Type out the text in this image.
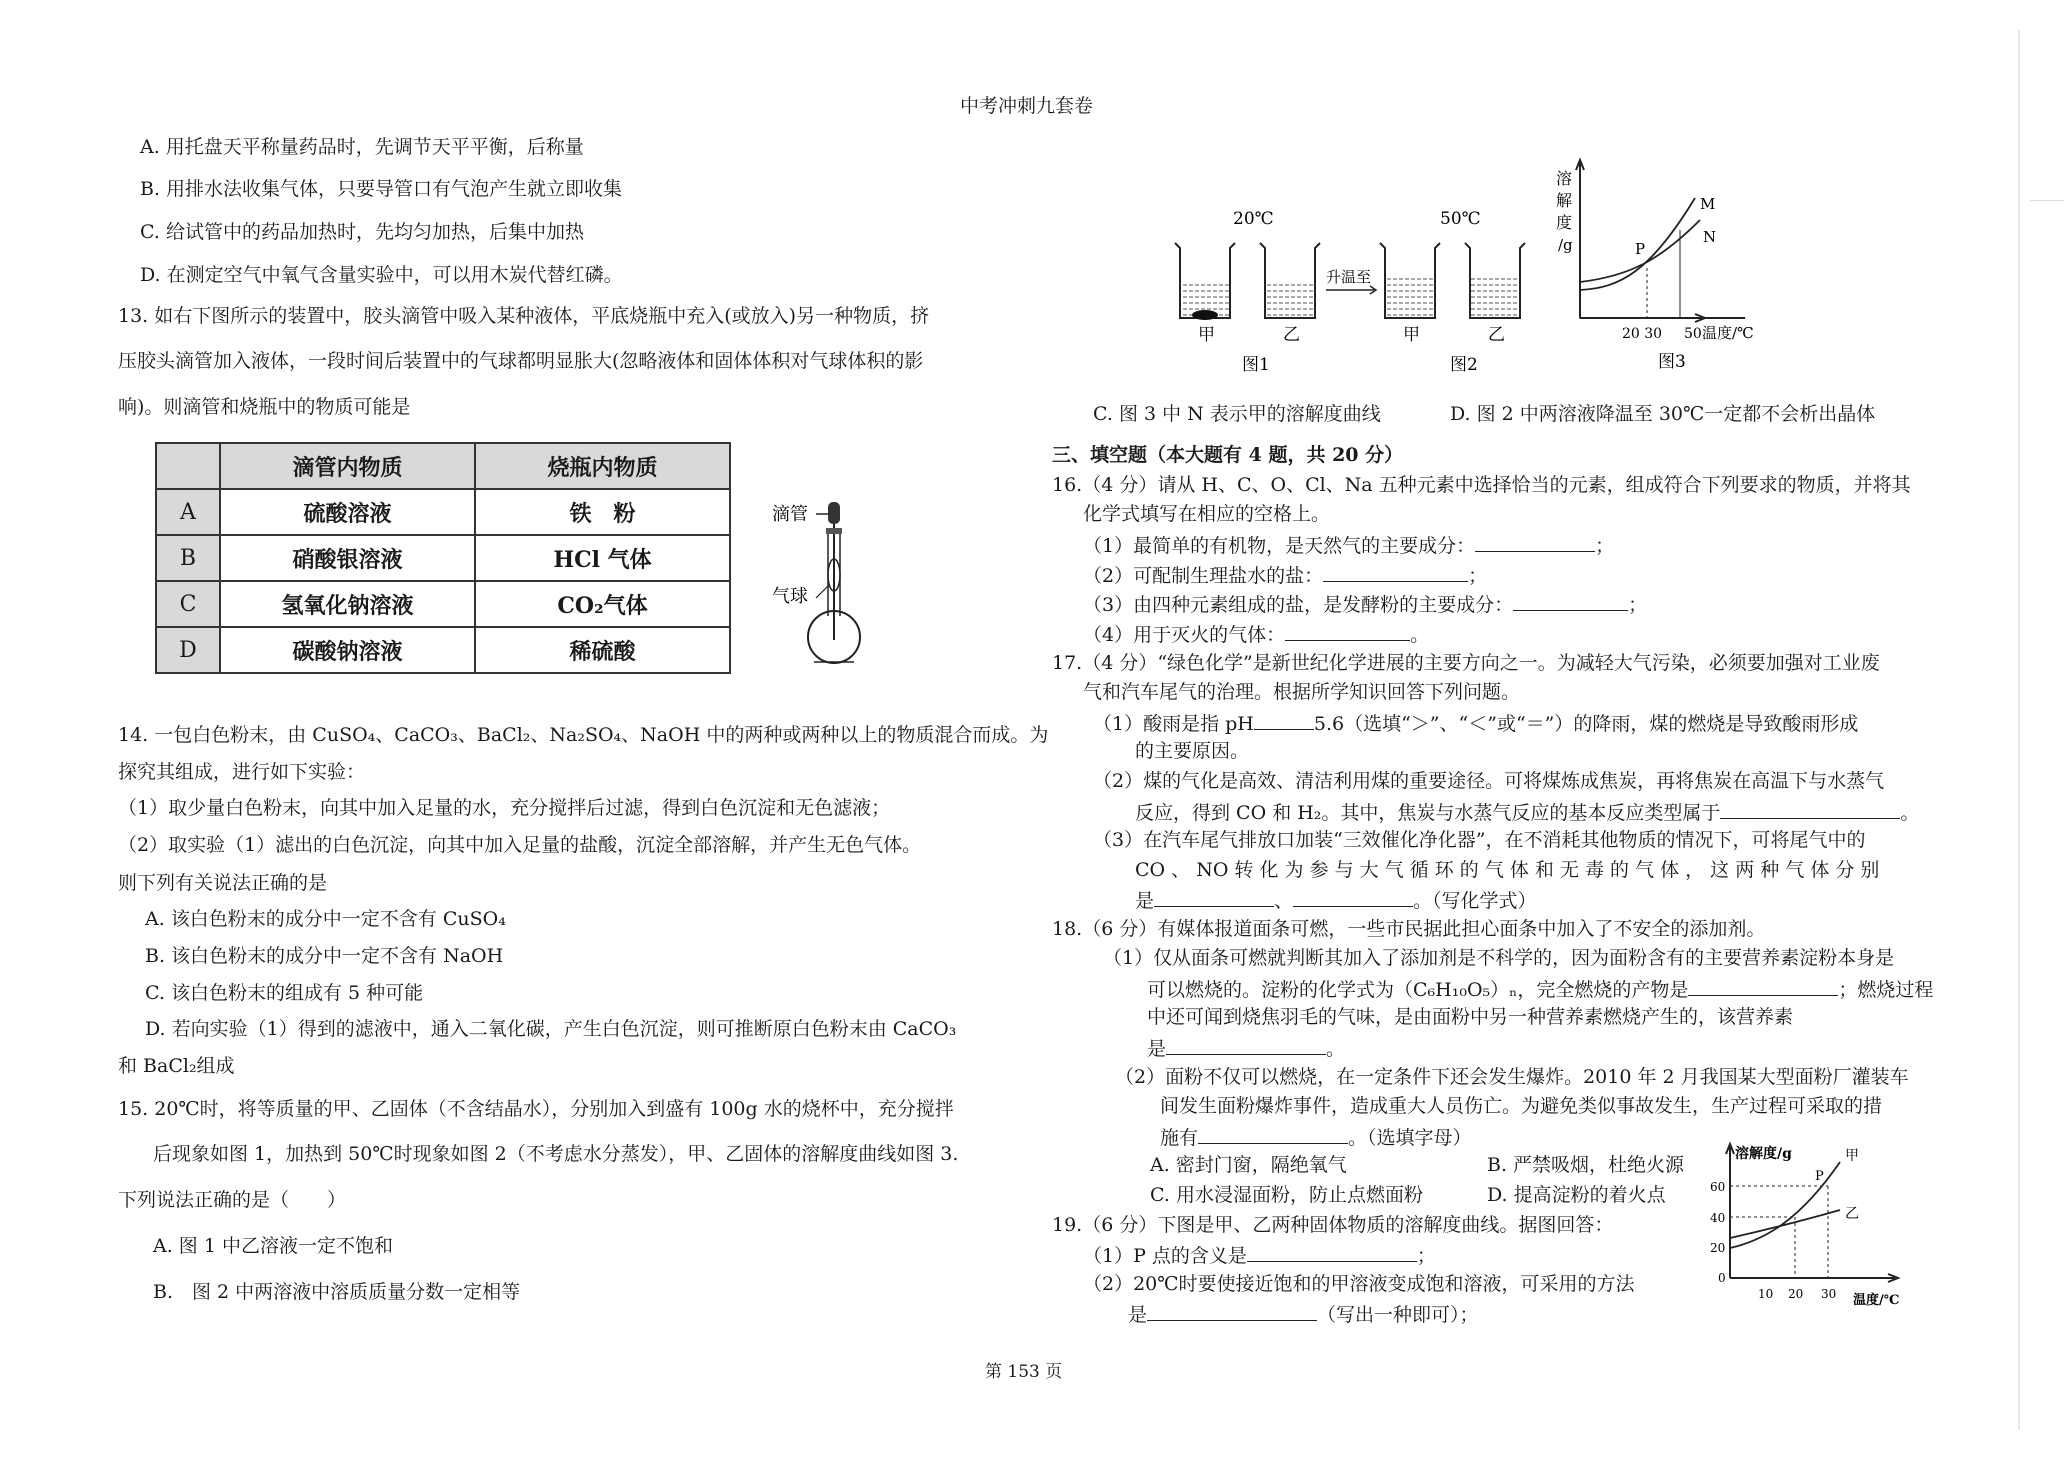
中考冲刺九套卷
A. 用托盘天平称量药品时，先调节天平平衡，后称量
B. 用排水法收集气体，只要导管口有气泡产生就立即收集
C. 给试管中的药品加热时，先均匀加热，后集中加热
D. 在测定空气中氧气含量实验中，可以用木炭代替红磷。
13. 如右下图所示的装置中，胶头滴管中吸入某种液体，平底烧瓶中充入(或放入)另一种物质，挤
压胶头滴管加入液体，一段时间后装置中的气球都明显胀大(忽略液体和固体体积对气球体积的影
响)。则滴管和烧瓶中的物质可能是
	滴管内物质	烧瓶内物质
A	硫酸溶液	铁　粉
B	硝酸银溶液	HCl 气体
C	氢氧化钠溶液	CO₂气体
D	碳酸钠溶液	稀硫酸
滴管
气球
14. 一包白色粉末，由 CuSO₄、CaCO₃、BaCl₂、Na₂SO₄、NaOH 中的两种或两种以上的物质混合而成。为
探究其组成，进行如下实验：
（1）取少量白色粉末，向其中加入足量的水，充分搅拌后过滤，得到白色沉淀和无色滤液；
（2）取实验（1）滤出的白色沉淀，向其中加入足量的盐酸，沉淀全部溶解，并产生无色气体。
则下列有关说法正确的是
A. 该白色粉末的成分中一定不含有 CuSO₄
B. 该白色粉末的成分中一定不含有 NaOH
C. 该白色粉末的组成有 5 种可能
D. 若向实验（1）得到的滤液中，通入二氧化碳，产生白色沉淀，则可推断原白色粉末由 CaCO₃
和 BaCl₂组成
15. 20℃时，将等质量的甲、乙固体（不含结晶水），分别加入到盛有 100g 水的烧杯中，充分搅拌
后现象如图 1，加热到 50℃时现象如图 2（不考虑水分蒸发），甲、乙固体的溶解度曲线如图 3.
下列说法正确的是（　　）
A. 图 1 中乙溶液一定不饱和
B.　图 2 中两溶液中溶质质量分数一定相等
20℃	50℃
升温至
甲	乙	甲	乙
图1	图2
溶
解
度
/g
M
N
P
20 30 50 温度/℃
图3
C. 图 3 中 N 表示甲的溶解度曲线	D. 图 2 中两溶液降温至 30℃一定都不会析出晶体
三、填空题（本大题有 4 题，共 20 分）
16.（4 分）请从 H、C、O、Cl、Na 五种元素中选择恰当的元素，组成符合下列要求的物质，并将其
化学式填写在相应的空格上。
（1）最简单的有机物，是天然气的主要成分：	；
（2）可配制生理盐水的盐：	；
（3）由四种元素组成的盐，是发酵粉的主要成分：	；
（4）用于灭火的气体：	。
17.（4 分）“绿色化学”是新世纪化学进展的主要方向之一。为减轻大气污染，必须要加强对工业废
气和汽车尾气的治理。根据所学知识回答下列问题。
（1）酸雨是指 pH	5.6（选填“＞”、“＜”或“＝”）的降雨，煤的燃烧是导致酸雨形成
的主要原因。
（2）煤的气化是高效、清洁利用煤的重要途径。可将煤炼成焦炭，再将焦炭在高温下与水蒸气
反应，得到 CO 和 H₂。其中，焦炭与水蒸气反应的基本反应类型属于	。
（3）在汽车尾气排放口加装“三效催化净化器”，在不消耗其他物质的情况下，可将尾气中的
CO 、 NO 转 化 为 参 与 大 气 循 环 的 气 体 和 无 毒 的 气 体 ， 这 两 种 气 体 分 别
是	、	。（写化学式）
18.（6 分）有媒体报道面条可燃，一些市民据此担心面条中加入了不安全的添加剂。
（1）仅从面条可燃就判断其加入了添加剂是不科学的，因为面粉含有的主要营养素淀粉本身是
可以燃烧的。淀粉的化学式为（C₆H₁₀O₅）ₙ，完全燃烧的产物是	；燃烧过程
中还可闻到烧焦羽毛的气味，是由面粉中另一种营养素燃烧产生的，该营养素
是	。
（2）面粉不仅可以燃烧，在一定条件下还会发生爆炸。2010 年 2 月我国某大型面粉厂灌装车
间发生面粉爆炸事件，造成重大人员伤亡。为避免类似事故发生，生产过程可采取的措
施有	。（选填字母）
A. 密封门窗，隔绝氧气	B. 严禁吸烟，杜绝火源
C. 用水浸湿面粉，防止点燃面粉	D. 提高淀粉的着火点
19.（6 分）下图是甲、乙两种固体物质的溶解度曲线。据图回答：
（1）P 点的含义是	；
（2）20℃时要使接近饱和的甲溶液变成饱和溶液，可采用的方法
是	（写出一种即可）；
溶解度/g
60
40
20
0
10 20 30 温度/℃
甲
乙
P
第 153 页
